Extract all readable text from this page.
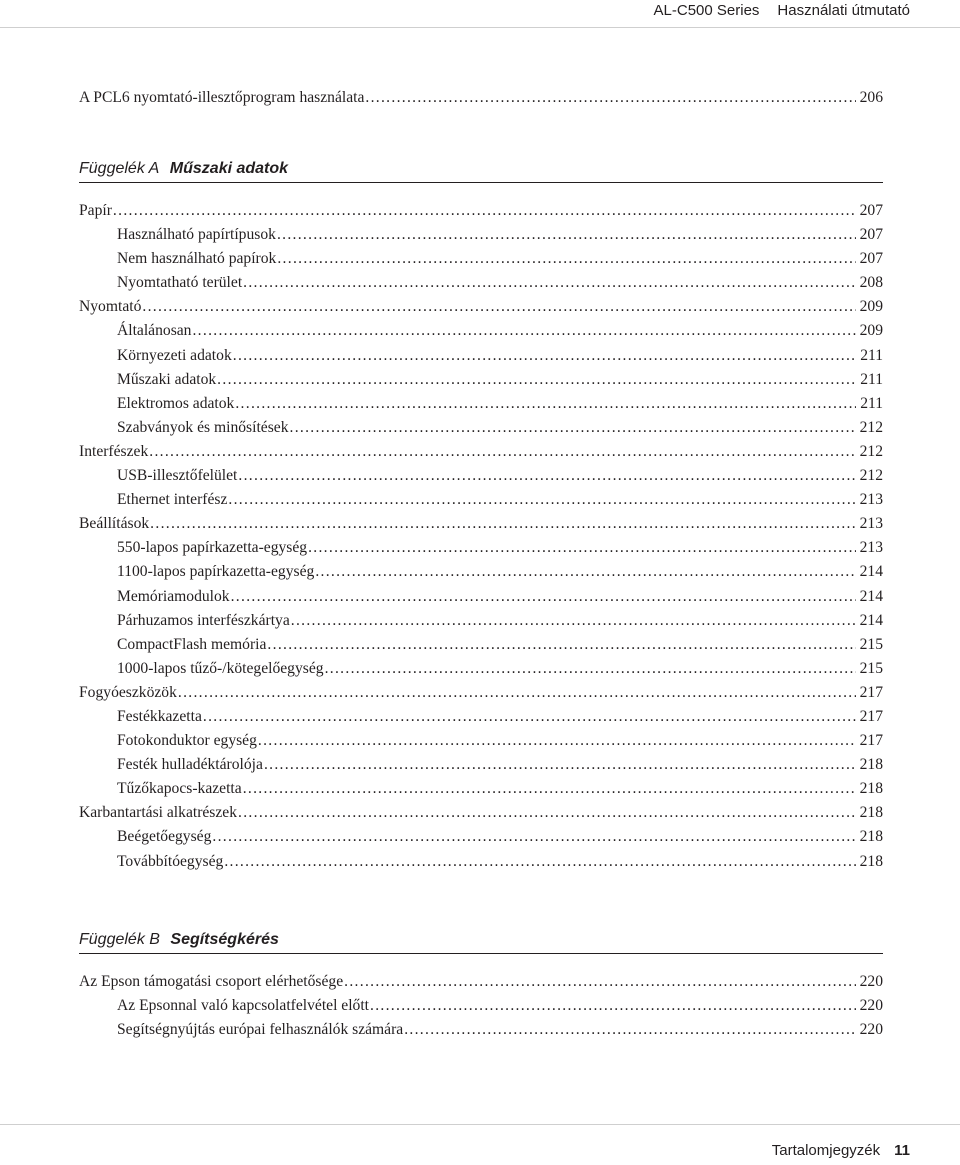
AL-C500 Series Használati útmutató
A PCL6 nyomtató-illesztőprogram használata . . .	206
Függelék A Műszaki adatok
Papír . . .	207
Használható papírtípusok . . .	207
Nem használható papírok . . .	207
Nyomtatható terület . . .	208
Nyomtató . . .	209
Általánosan . . .	209
Környezeti adatok . . .	211
Műszaki adatok . . .	211
Elektromos adatok . . .	211
Szabványok és minősítések . . .	212
Interfészek . . .	212
USB-illesztőfelület . . .	212
Ethernet interfész . . .	213
Beállítások . . .	213
550-lapos papírkazetta-egység . . .	213
1100-lapos papírkazetta-egység . . .	214
Memóriamodulok . . .	214
Párhuzamos interfészkártya . . .	214
CompactFlash memória . . .	215
1000-lapos tűző-/kötegelőegység . . .	215
Fogyóeszközök . . .	217
Festékkazetta . . .	217
Fotokonduktor egység . . .	217
Festék hulladéktárolója . . .	218
Tűzőkapocs-kazetta . . .	218
Karbantartási alkatrészek . . .	218
Beégetőegység . . .	218
Továbbítóegység . . .	218
Függelék B Segítségkérés
Az Epson támogatási csoport elérhetősége . . .	220
Az Epsonnal való kapcsolatfelvétel előtt . . .	220
Segítségnyújtás európai felhasználók számára . . .	220
Tartalomjegyzék 11
